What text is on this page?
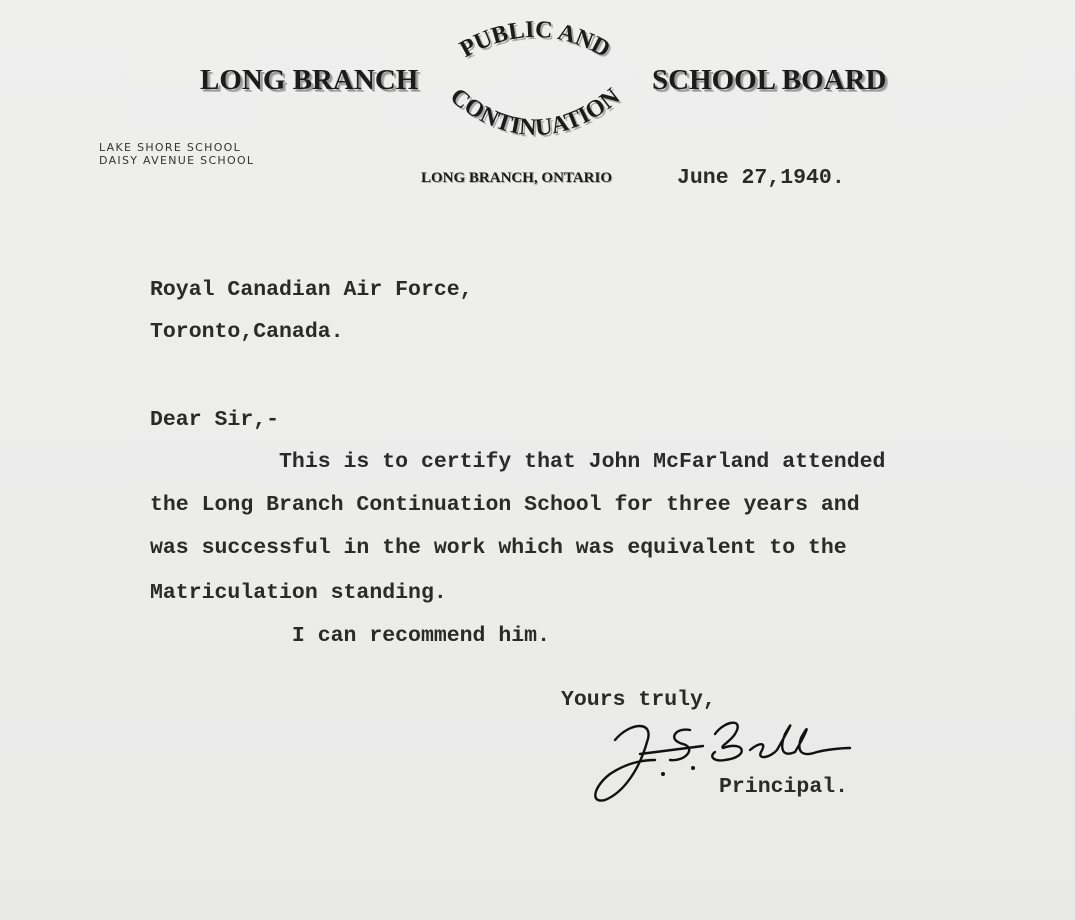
LONG BRANCH	SCHOOL BOARD
PUBLIC AND
CONTINUATION
LAKE SHORE SCHOOL
DAISY AVENUE SCHOOL
LONG BRANCH, ONTARIO	June 27,1940.
Royal Canadian Air Force,
Toronto,Canada.
Dear Sir,-
This is to certify that John McFarland attended
the Long Branch Continuation School for three years and
was successful in the work which was equivalent to the
Matriculation standing.
I can recommend him.
Yours truly,
Principal.
